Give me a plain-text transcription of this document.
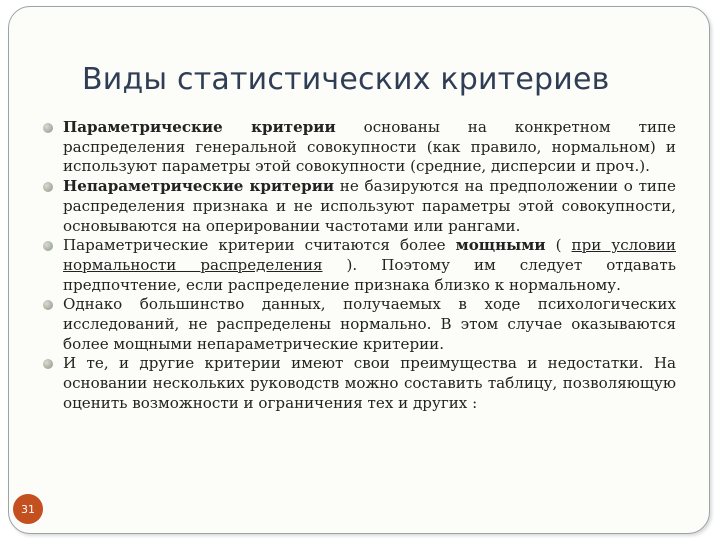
Виды статистических критериев
Параметрические критерии основаны на конкретном типе распределения генеральной совокупности (как правило, нормальном) и используют параметры этой совокупности (средние, дисперсии и проч.).
Непараметрические критерии не базируются на предположении о типе распределения признака и не используют параметры этой совокупности, основываются на оперировании частотами или рангами.
Параметрические критерии считаются более мощными ( при условии нормальности распределения ). Поэтому им следует отдавать предпочтение, если распределение признака близко к нормальному.
Однако большинство данных, получаемых в ходе психологических исследований, не распределены нормально. В этом случае оказываются более мощными непараметрические критерии.
И те, и другие критерии имеют свои преимущества и недостатки. На основании нескольких руководств можно составить таблицу, позволяющую оценить возможности и ограничения тех и других :
31
